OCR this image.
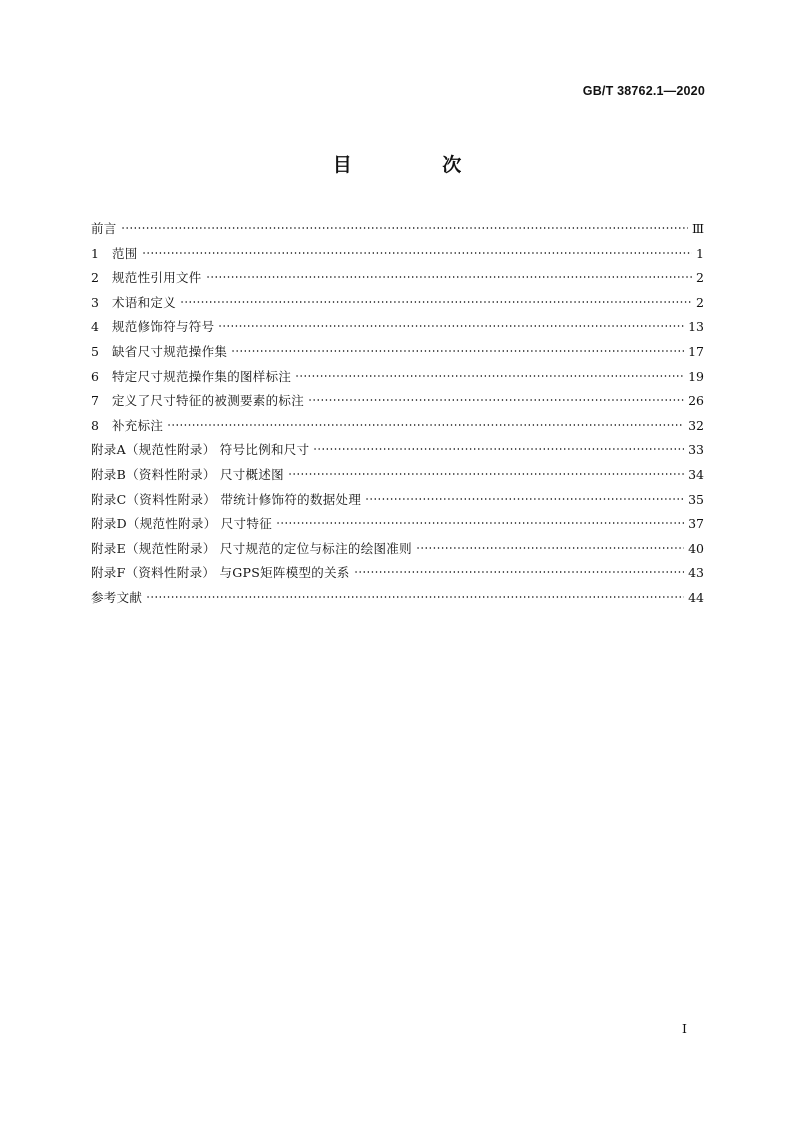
GB/T 38762.1—2020
目 次
前言	Ⅲ
1	范围	1
2	规范性引用文件	2
3	术语和定义	2
4	规范修饰符与符号	13
5	缺省尺寸规范操作集	17
6	特定尺寸规范操作集的图样标注	19
7	定义了尺寸特征的被测要素的标注	26
8	补充标注	32
附录A（规范性附录） 符号比例和尺寸	33
附录B（资料性附录） 尺寸概述图	34
附录C（资料性附录） 带统计修饰符的数据处理	35
附录D（规范性附录） 尺寸特征	37
附录E（规范性附录） 尺寸规范的定位与标注的绘图准则	40
附录F（资料性附录） 与GPS矩阵模型的关系	43
参考文献	44
I
